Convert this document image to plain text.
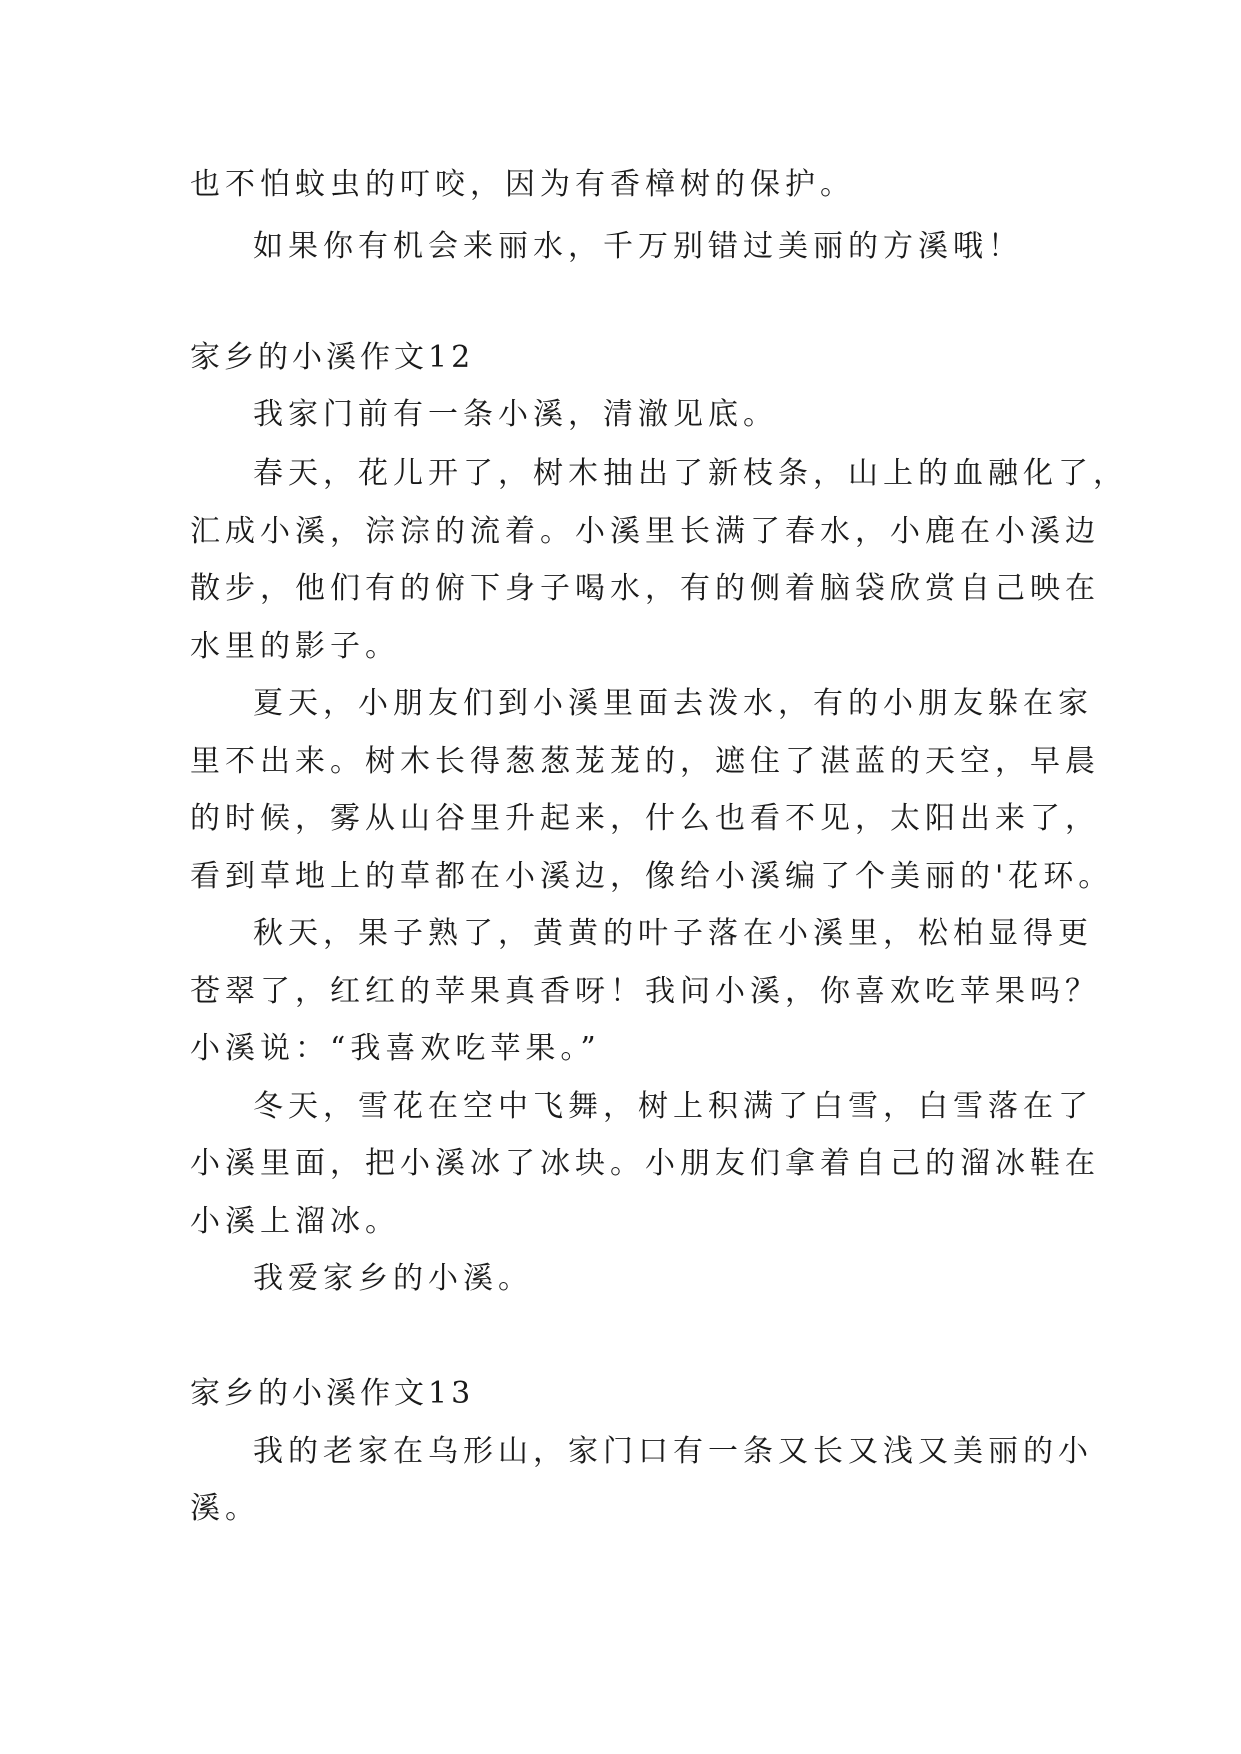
也不怕蚊虫的叮咬，因为有香樟树的保护。
如果你有机会来丽水，千万别错过美丽的方溪哦！
家乡的小溪作文12
我家门前有一条小溪，清澈见底。
春天，花儿开了，树木抽出了新枝条，山上的血融化了，
汇成小溪，淙淙的流着。小溪里长满了春水，小鹿在小溪边
散步，他们有的俯下身子喝水，有的侧着脑袋欣赏自己映在
水里的影子。
夏天，小朋友们到小溪里面去泼水，有的小朋友躲在家
里不出来。树木长得葱葱茏茏的，遮住了湛蓝的天空，早晨
的时候，雾从山谷里升起来，什么也看不见，太阳出来了，
看到草地上的草都在小溪边，像给小溪编了个美丽的'花环。
秋天，果子熟了，黄黄的叶子落在小溪里，松柏显得更
苍翠了，红红的苹果真香呀！我问小溪，你喜欢吃苹果吗？
小溪说：“我喜欢吃苹果。”
冬天，雪花在空中飞舞，树上积满了白雪，白雪落在了
小溪里面，把小溪冰了冰块。小朋友们拿着自己的溜冰鞋在
小溪上溜冰。
我爱家乡的小溪。
家乡的小溪作文13
我的老家在乌形山，家门口有一条又长又浅又美丽的小
溪。
